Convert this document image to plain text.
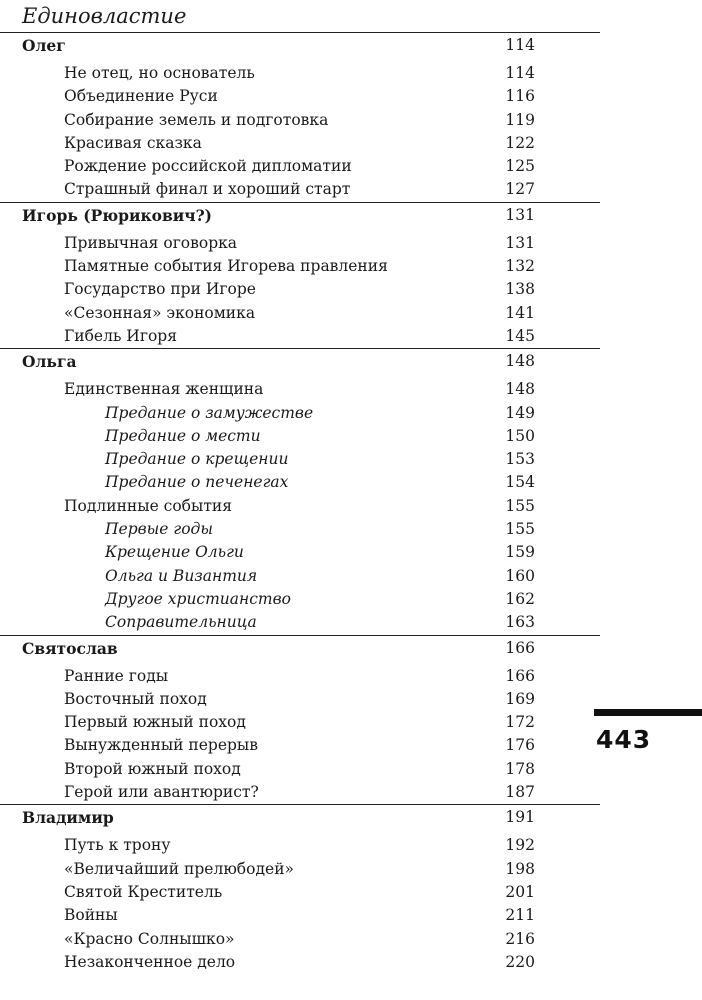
Единовластие
Олег	114
Не отец, но основатель	114
Объединение Руси	116
Собирание земель и подготовка	119
Красивая сказка	122
Рождение российской дипломатии	125
Страшный финал и хороший старт	127
Игорь (Рюрикович?)	131
Привычная оговорка	131
Памятные события Игорева правления	132
Государство при Игоре	138
«Сезонная» экономика	141
Гибель Игоря	145
Ольга	148
Единственная женщина	148
Предание о замужестве	149
Предание о мести	150
Предание о крещении	153
Предание о печенегах	154
Подлинные события	155
Первые годы	155
Крещение Ольги	159
Ольга и Византия	160
Другое христианство	162
Соправительница	163
Святослав	166
Ранние годы	166
Восточный поход	169
Первый южный поход	172
Вынужденный перерыв	176
Второй южный поход	178
Герой или авантюрист?	187
Владимир	191
Путь к трону	192
«Величайший прелюбодей»	198
Святой Креститель	201
Войны	211
«Красно Солнышко»	216
Незаконченное дело	220
443
